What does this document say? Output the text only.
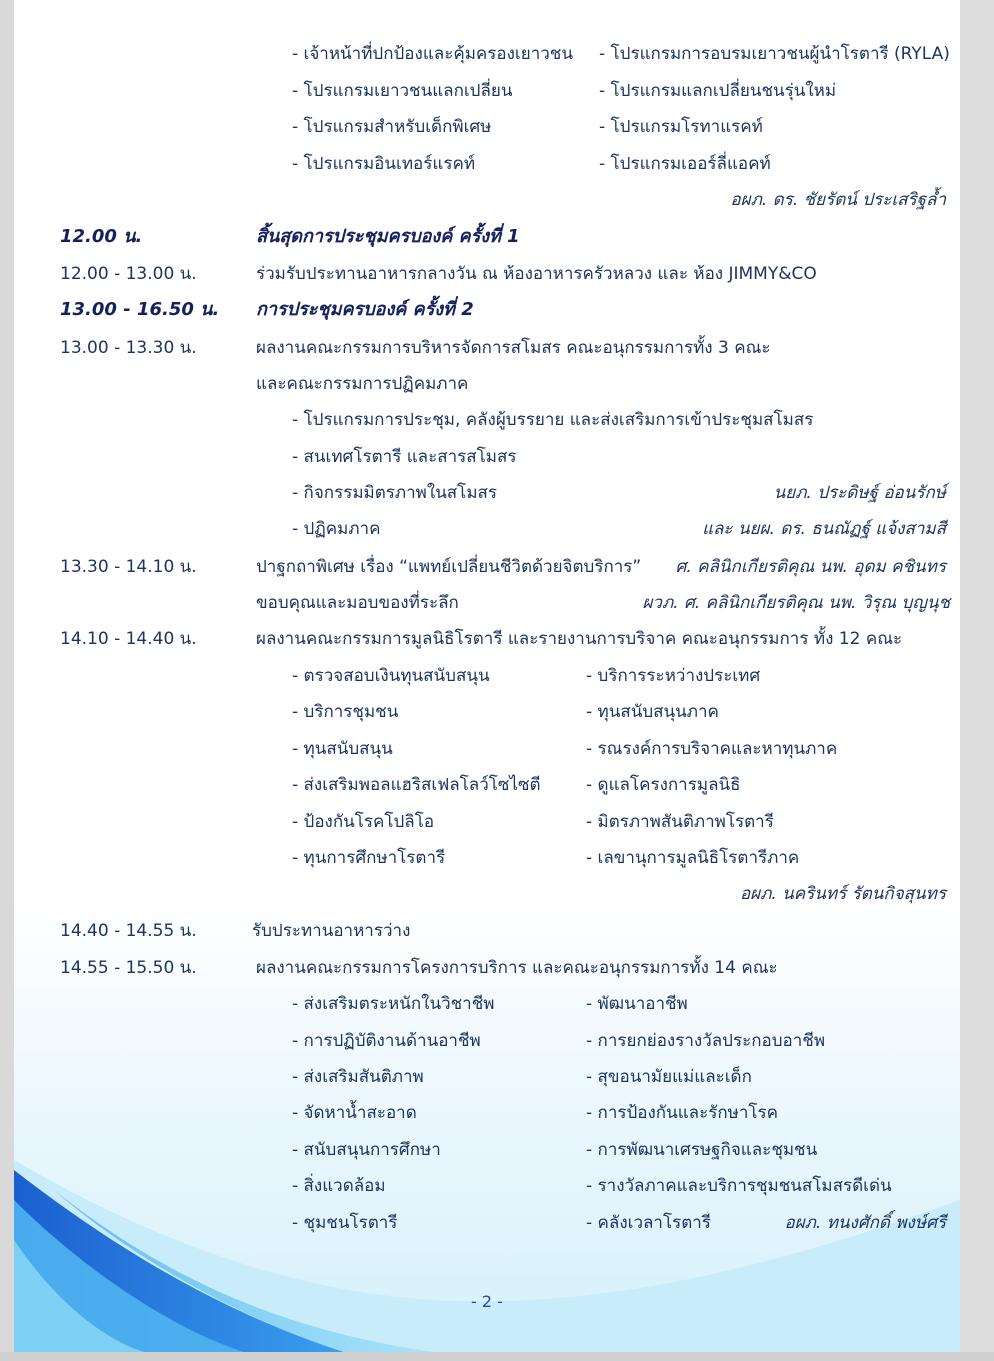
- เจ้าหน้าที่ปกป้องและคุ้มครองเยาวชน - โปรแกรมการอบรมเยาวชนผู้นำโรตารี (RYLA)
- โปรแกรมเยาวชนแลกเปลี่ยน	- โปรแกรมแลกเปลี่ยนชนรุ่นใหม่
- โปรแกรมสำหรับเด็กพิเศษ	- โปรแกรมโรทาแรคท์
- โปรแกรมอินเทอร์แรคท์	- โปรแกรมเออร์ลี่แอคท์
อผภ. ดร. ชัยรัตน์ ประเสริฐล้ำ
12.00 น.	สิ้นสุดการประชุมครบองค์ ครั้งที่ 1
12.00 - 13.00 น.	ร่วมรับประทานอาหารกลางวัน ณ ห้องอาหารครัวหลวง และ ห้อง JIMMY&CO
13.00 - 16.50 น. การประชุมครบองค์ ครั้งที่ 2
13.00 - 13.30 น.	ผลงานคณะกรรมการบริหารจัดการสโมสร คณะอนุกรรมการทั้ง 3 คณะ
และคณะกรรมการปฏิคมภาค
- โปรแกรมการประชุม, คลังผู้บรรยาย และส่งเสริมการเข้าประชุมสโมสร
- สนเทศโรตารี และสารสโมสร
- กิจกรรมมิตรภาพในสโมสร	นยภ. ประดิษฐ์ อ่อนรักษ์
- ปฏิคมภาค	และ นยผ. ดร. ธนณัฏฐ์ แจ้งสามสี
13.30 - 14.10 น.	ปาฐกถาพิเศษ เรื่อง “แพทย์เปลี่ยนชีวิตด้วยจิตบริการ” ศ. คลินิกเกียรติคุณ นพ. อุดม คชินทร
ขอบคุณและมอบของที่ระลึก	ผวภ. ศ. คลินิกเกียรติคุณ นพ. วิรุณ บุญนุช
14.10 - 14.40 น.	ผลงานคณะกรรมการมูลนิธิโรตารี และรายงานการบริจาค คณะอนุกรรมการ ทั้ง 12 คณะ
- ตรวจสอบเงินทุนสนับสนุน	- บริการระหว่างประเทศ
- บริการชุมชน	- ทุนสนับสนุนภาค
- ทุนสนับสนุน	- รณรงค์การบริจาคและหาทุนภาค
- ส่งเสริมพอลแฮริสเฟลโลว์โซไซตี	- ดูแลโครงการมูลนิธิ
- ป้องกันโรคโปลิโอ	- มิตรภาพสันติภาพโรตารี
- ทุนการศึกษาโรตารี	- เลขานุการมูลนิธิโรตารีภาค
อผภ. นครินทร์ รัตนกิจสุนทร
14.40 - 14.55 น.	รับประทานอาหารว่าง
14.55 - 15.50 น.	ผลงานคณะกรรมการโครงการบริการ และคณะอนุกรรมการทั้ง 14 คณะ
- ส่งเสริมตระหนักในวิชาชีพ	- พัฒนาอาชีพ
- การปฏิบัติงานด้านอาชีพ	- การยกย่องรางวัลประกอบอาชีพ
- ส่งเสริมสันติภาพ	- สุขอนามัยแม่และเด็ก
- จัดหาน้ำสะอาด	- การป้องกันและรักษาโรค
- สนับสนุนการศึกษา	- การพัฒนาเศรษฐกิจและชุมชน
- สิ่งแวดล้อม	- รางวัลภาคและบริการชุมชนสโมสรดีเด่น
- ชุมชนโรตารี	- คลังเวลาโรตารี	อผภ. ทนงศักดิ์ พงษ์ศรี
- 2 -
